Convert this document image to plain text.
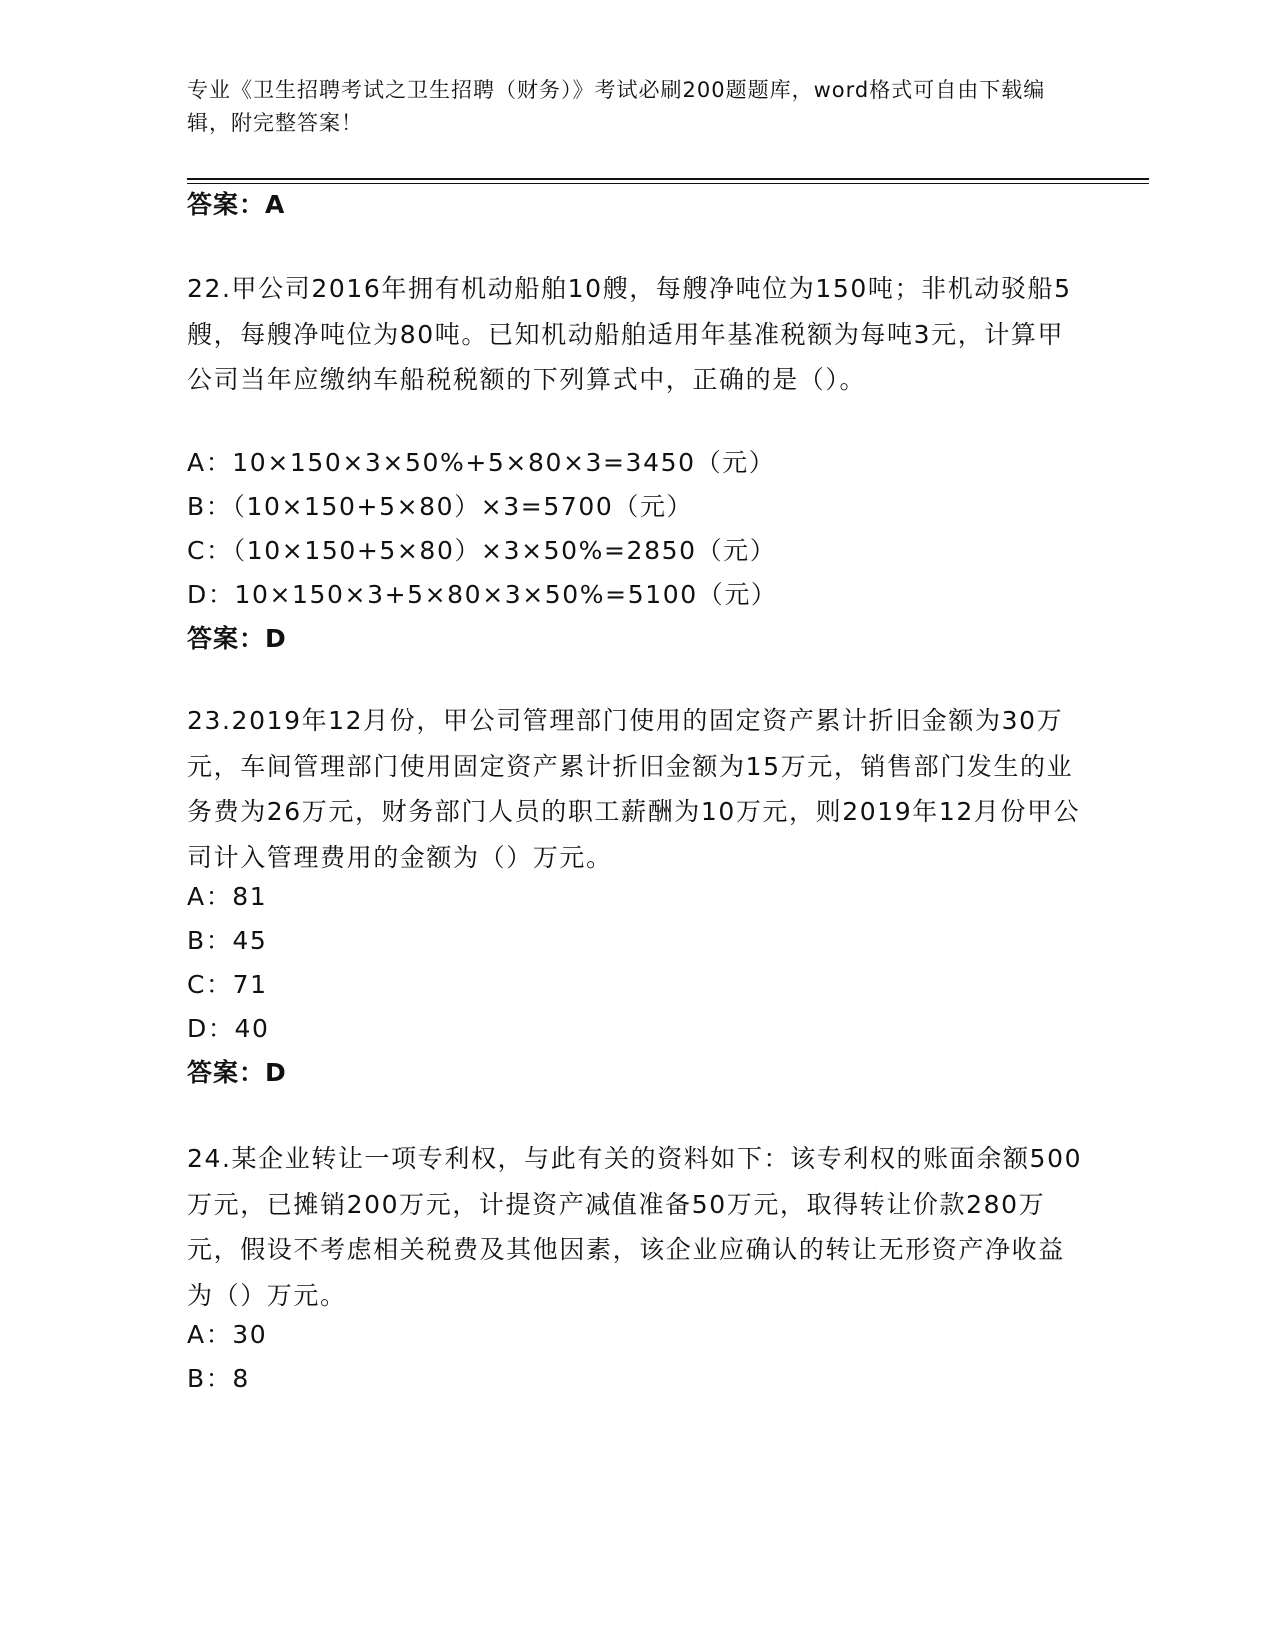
专业《卫生招聘考试之卫生招聘（财务）》考试必刷200题题库，word格式可自由下载编辑，附完整答案！
答案：A
22.甲公司2016年拥有机动船舶10艘，每艘净吨位为150吨；非机动驳船5艘，每艘净吨位为80吨。已知机动船舶适用年基准税额为每吨3元，计算甲公司当年应缴纳车船税税额的下列算式中，正确的是（）。
A：10×150×3×50%+5×80×3=3450（元）
B：（10×150+5×80）×3=5700（元）
C：（10×150+5×80）×3×50%=2850（元）
D：10×150×3+5×80×3×50%=5100（元）
答案：D
23.2019年12月份，甲公司管理部门使用的固定资产累计折旧金额为30万元，车间管理部门使用固定资产累计折旧金额为15万元，销售部门发生的业务费为26万元，财务部门人员的职工薪酬为10万元，则2019年12月份甲公司计入管理费用的金额为（）万元。
A：81
B：45
C：71
D：40
答案：D
24.某企业转让一项专利权，与此有关的资料如下：该专利权的账面余额500万元，已摊销200万元，计提资产减值准备50万元，取得转让价款280万元，假设不考虑相关税费及其他因素，该企业应确认的转让无形资产净收益为（）万元。
A：30
B：8
